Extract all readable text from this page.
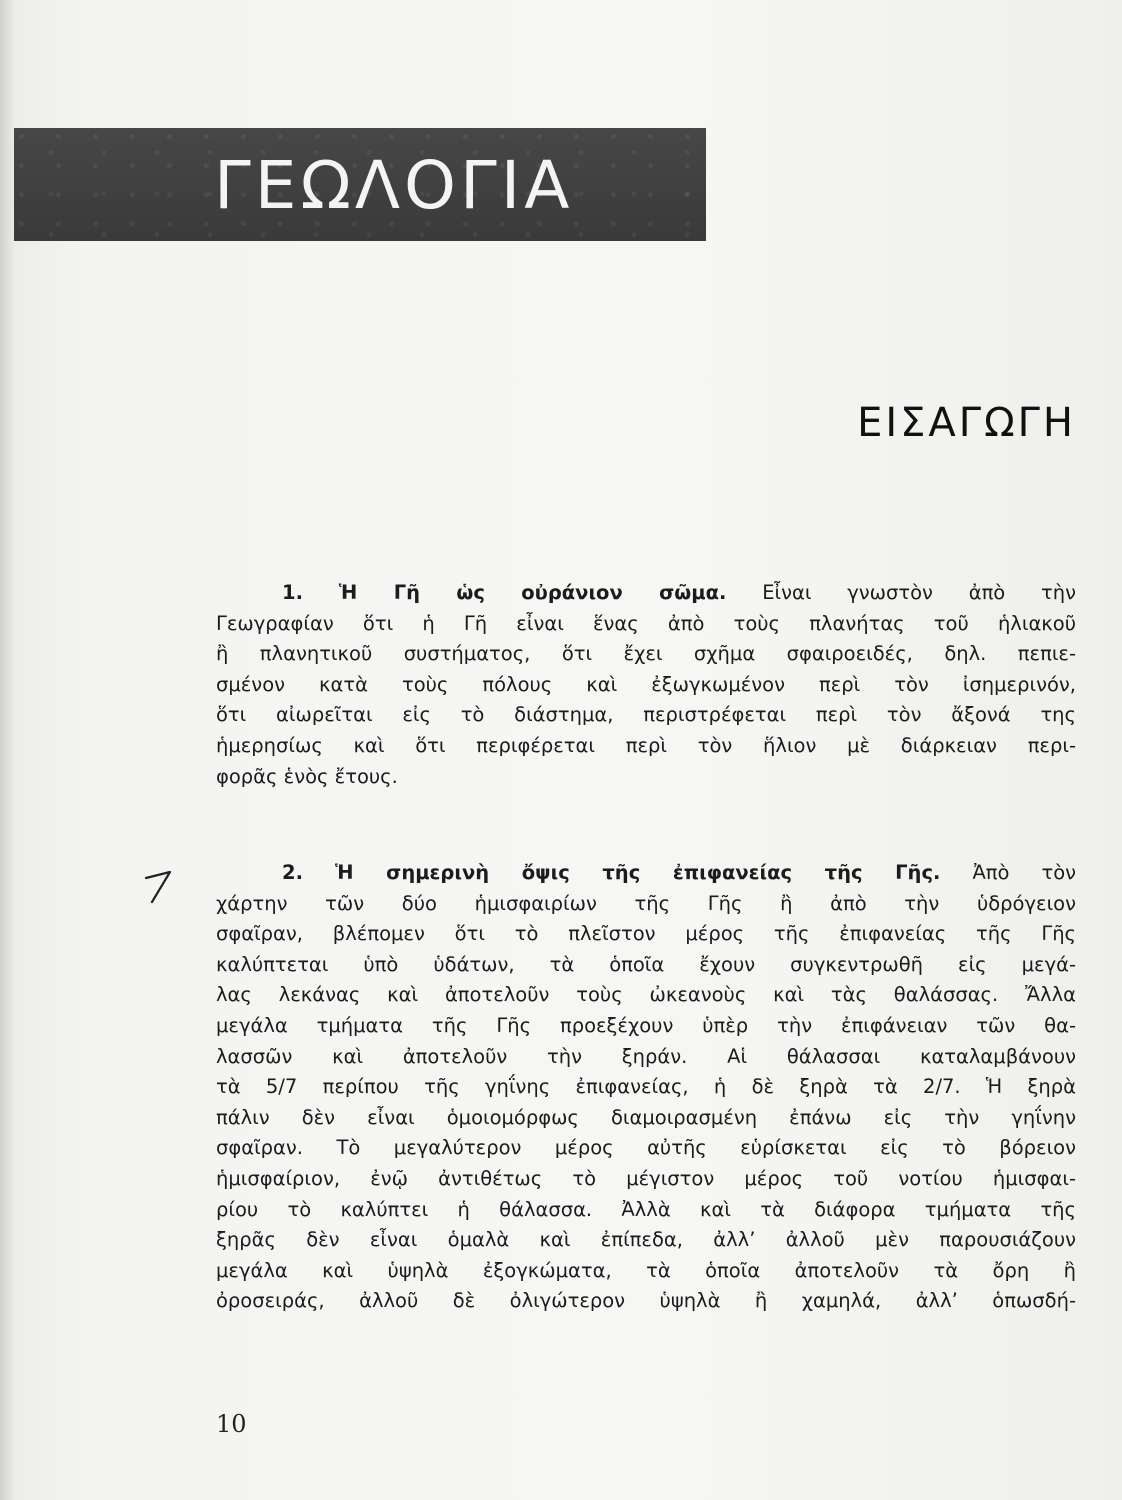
ΓΕΩΛΟΓΙΑ
ΕΙΣΑΓΩΓΗ
1. Ἡ Γῆ ὡς οὐράνιον σῶμα. Εἶναι γνωστὸν ἀπὸ τὴν
Γεωγραφίαν ὅτι ἡ Γῆ εἶναι ἕνας ἀπὸ τοὺς πλανήτας τοῦ ἡλιακοῦ
ἢ πλανητικοῦ συστήματος, ὅτι ἔχει σχῆμα σφαιροειδές, δηλ. πεπιε-
σμένον κατὰ τοὺς πόλους καὶ ἐξωγκωμένον περὶ τὸν ἰσημερινόν,
ὅτι αἰωρεῖται εἰς τὸ διάστημα, περιστρέφεται περὶ τὸν ἄξονά της
ἡμερησίως καὶ ὅτι περιφέρεται περὶ τὸν ἥλιον μὲ διάρκειαν περι-
φορᾶς ἑνὸς ἔτους.
2. Ἡ σημερινὴ ὄψις τῆς ἐπιφανείας τῆς Γῆς. Ἀπὸ τὸν
χάρτην τῶν δύο ἡμισφαιρίων τῆς Γῆς ἢ ἀπὸ τὴν ὑδρόγειον
σφαῖραν, βλέπομεν ὅτι τὸ πλεῖστον μέρος τῆς ἐπιφανείας τῆς Γῆς
καλύπτεται ὑπὸ ὑδάτων, τὰ ὁποῖα ἔχουν συγκεντρωθῆ εἰς μεγά-
λας λεκάνας καὶ ἀποτελοῦν τοὺς ὠκεανοὺς καὶ τὰς θαλάσσας. Ἄλλα
μεγάλα τμήματα τῆς Γῆς προεξέχουν ὑπὲρ τὴν ἐπιφάνειαν τῶν θα-
λασσῶν καὶ ἀποτελοῦν τὴν ξηράν. Αἱ θάλασσαι καταλαμβάνουν
τὰ 5/7 περίπου τῆς γηΐνης ἐπιφανείας, ἡ δὲ ξηρὰ τὰ 2/7. Ἡ ξηρὰ
πάλιν δὲν εἶναι ὁμοιομόρφως διαμοιρασμένη ἐπάνω εἰς τὴν γηΐνην
σφαῖραν. Τὸ μεγαλύτερον μέρος αὐτῆς εὑρίσκεται εἰς τὸ βόρειον
ἡμισφαίριον, ἐνῷ ἀντιθέτως τὸ μέγιστον μέρος τοῦ νοτίου ἡμισφαι-
ρίου τὸ καλύπτει ἡ θάλασσα. Ἀλλὰ καὶ τὰ διάφορα τμήματα τῆς
ξηρᾶς δὲν εἶναι ὁμαλὰ καὶ ἐπίπεδα, ἀλλ’ ἀλλοῦ μὲν παρουσιάζουν
μεγάλα καὶ ὑψηλὰ ἐξογκώματα, τὰ ὁποῖα ἀποτελοῦν τὰ ὄρη ἢ
ὀροσειράς, ἀλλοῦ δὲ ὀλιγώτερον ὑψηλὰ ἢ χαμηλά, ἀλλ’ ὁπωσδή-
10
